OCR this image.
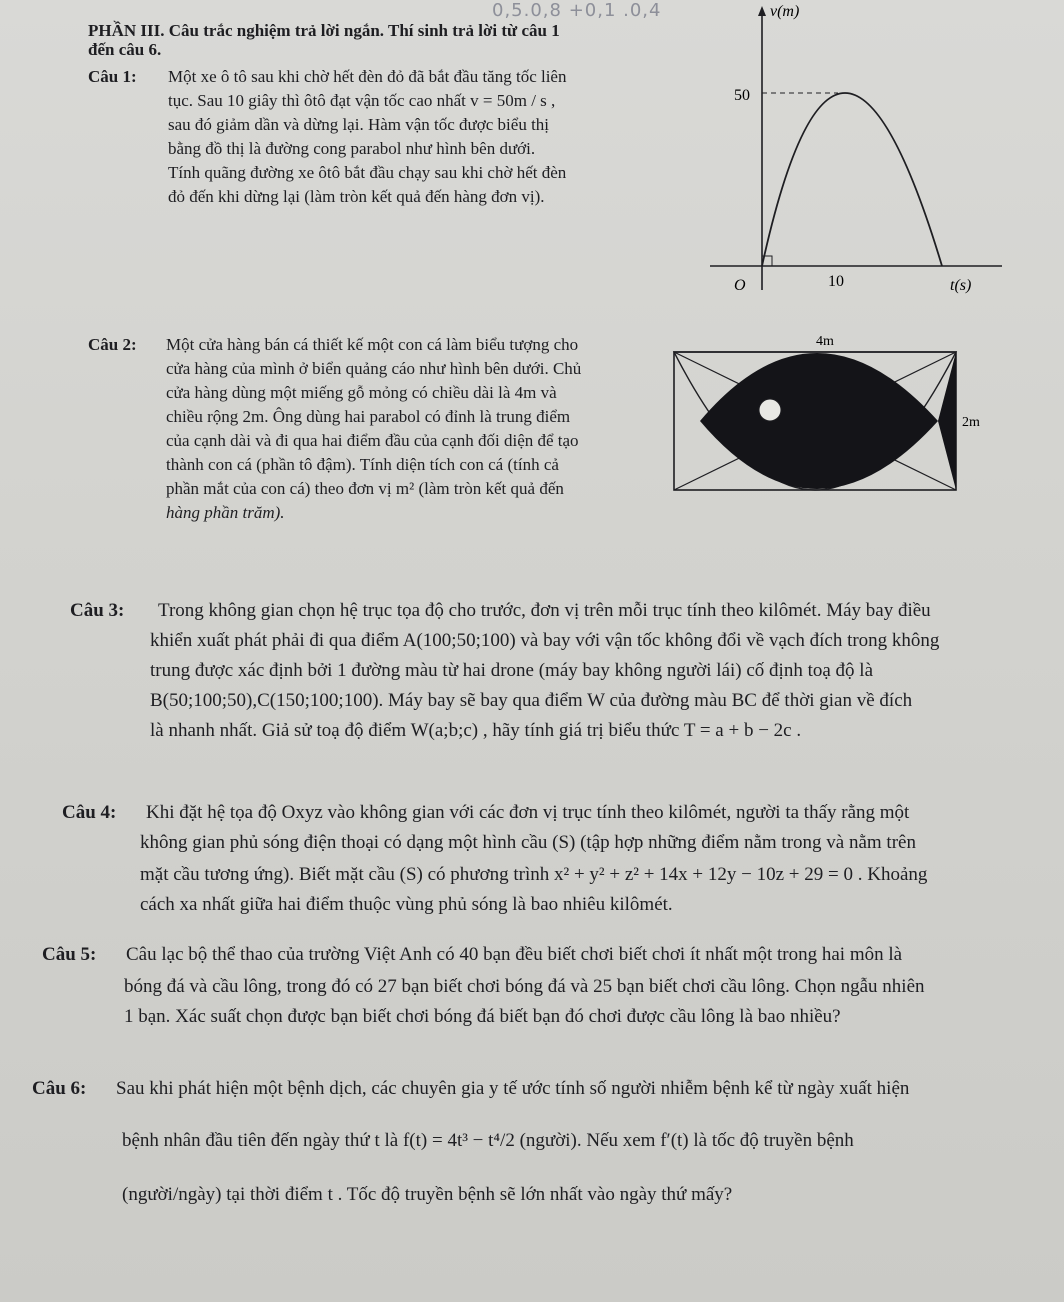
0,5.0,8 +0,1 .0,4
PHẦN III. Câu trắc nghiệm trả lời ngắn. Thí sinh trả lời từ câu 1
đến câu 6.
Câu 1: Một xe ô tô sau khi chờ hết đèn đỏ đã bắt đầu tăng tốc liên
tục. Sau 10 giây thì ôtô đạt vận tốc cao nhất v = 50m / s ,
sau đó giảm dần và dừng lại. Hàm vận tốc được biểu thị
bằng đồ thị là đường cong parabol như hình bên dưới.
Tính quãng đường xe ôtô bắt đầu chạy sau khi chờ hết đèn
đỏ đến khi dừng lại (làm tròn kết quả đến hàng đơn vị).
v(m)
50
O	10	t(s)
Câu 2: Một cửa hàng bán cá thiết kế một con cá làm biểu tượng cho
cửa hàng của mình ở biển quảng cáo như hình bên dưới. Chủ
cửa hàng dùng một miếng gỗ mỏng có chiều dài là 4m và
chiều rộng 2m. Ông dùng hai parabol có đỉnh là trung điểm
của cạnh dài và đi qua hai điểm đầu của cạnh đối diện để tạo
thành con cá (phần tô đậm). Tính diện tích con cá (tính cả
phần mắt của con cá) theo đơn vị m² (làm tròn kết quả đến
hàng phần trăm).
4m
2m
Câu 3: Trong không gian chọn hệ trục tọa độ cho trước, đơn vị trên mỗi trục tính theo kilômét. Máy bay điều
khiển xuất phát phải đi qua điểm A(100;50;100) và bay với vận tốc không đổi về vạch đích trong không
trung được xác định bởi 1 đường màu từ hai drone (máy bay không người lái) cố định toạ độ là
B(50;100;50),C(150;100;100). Máy bay sẽ bay qua điểm W của đường màu BC để thời gian về đích
là nhanh nhất. Giả sử toạ độ điểm W(a;b;c) , hãy tính giá trị biểu thức T = a + b − 2c .
Câu 4: Khi đặt hệ tọa độ Oxyz vào không gian với các đơn vị trục tính theo kilômét, người ta thấy rằng một
không gian phủ sóng điện thoại có dạng một hình cầu (S) (tập hợp những điểm nằm trong và nằm trên
mặt cầu tương ứng). Biết mặt cầu (S) có phương trình x² + y² + z² + 14x + 12y − 10z + 29 = 0 . Khoảng
cách xa nhất giữa hai điểm thuộc vùng phủ sóng là bao nhiêu kilômét.
Câu 5: Câu lạc bộ thể thao của trường Việt Anh có 40 bạn đều biết chơi biết chơi ít nhất một trong hai môn là
bóng đá và cầu lông, trong đó có 27 bạn biết chơi bóng đá và 25 bạn biết chơi cầu lông. Chọn ngẫu nhiên
1 bạn. Xác suất chọn được bạn biết chơi bóng đá biết bạn đó chơi được cầu lông là bao nhiều?
Câu 6: Sau khi phát hiện một bệnh dịch, các chuyên gia y tế ước tính số người nhiễm bệnh kể từ ngày xuất hiện
bệnh nhân đầu tiên đến ngày thứ t là f(t) = 4t³ − t⁴/2 (người). Nếu xem f′(t) là tốc độ truyền bệnh
(người/ngày) tại thời điểm t . Tốc độ truyền bệnh sẽ lớn nhất vào ngày thứ mấy?
